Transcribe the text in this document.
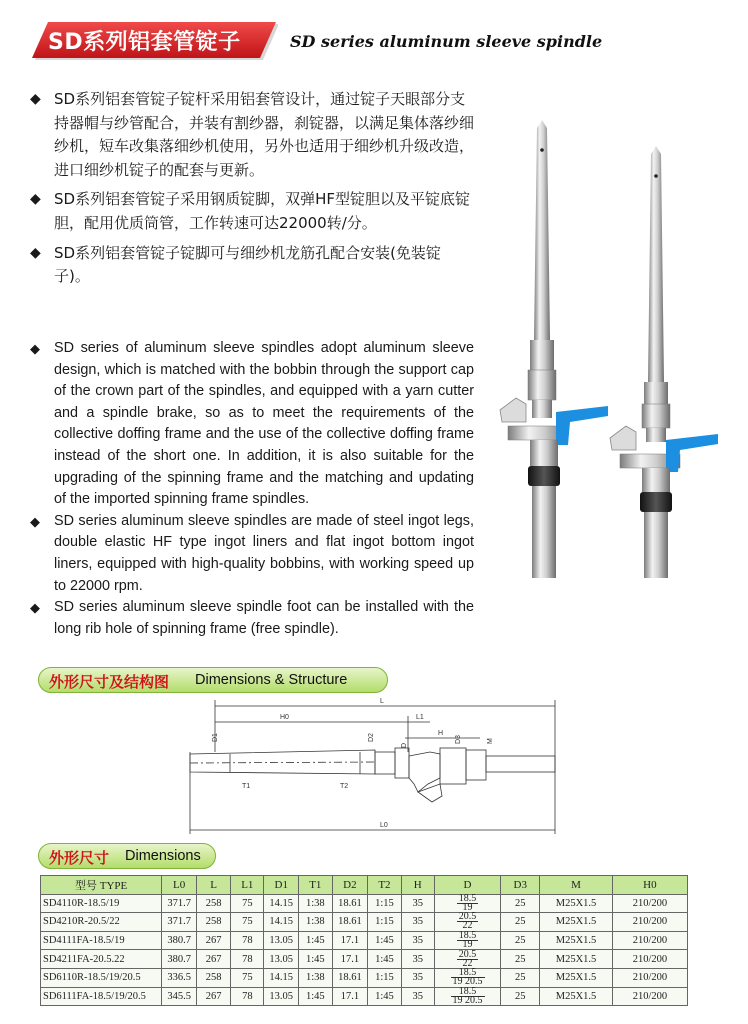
SD系列铝套管锭子	SD series aluminum sleeve spindle
◆ SD系列铝套管锭子锭杆采用铝套管设计，通过锭子天眼部分支持器帽与纱管配合，并装有割纱器，刹锭器，以满足集体落纱细纱机，短车改集落细纱机使用，另外也适用于细纱机升级改造，进口细纱机锭子的配套与更新。
◆ SD系列铝套管锭子采用钢质锭脚，双弹HF型锭胆以及平锭底锭胆，配用优质筒管，工作转速可达22000转/分。
◆ SD系列铝套管锭子锭脚可与细纱机龙筋孔配合安装(免装锭子)。
◆ SD series of aluminum sleeve spindles adopt aluminum sleeve design, which is matched with the bobbin through the support cap of the crown part of the spindles, and equipped with a yarn cutter and a spindle brake, so as to meet the requirements of the collective doffing frame and the use of the collective doffing frame instead of the short one. In addition, it is also suitable for the upgrading of the spinning frame and the matching and updating of the imported spinning frame spindles.
◆ SD series aluminum sleeve spindles are made of steel ingot legs, double elastic HF type ingot liners and flat ingot bottom ingot liners, equipped with high-quality bobbins, with working speed up to 22000 rpm.
◆ SD series aluminum sleeve spindle foot can be installed with the long rib hole of spinning frame (free spindle).
外形尺寸及结构图 Dimensions & Structure
L
H0	L1
H
L0
D1	D2
D
D3	M
T1	T2
外形尺寸 Dimensions
型号 TYPE	L0	L	L1	D1	T1	D2	T2	H	D	D3	M	H0
SD4110R-18.5/19	371.7	258	75	14.15	1:38	18.61	1:15	35	$\frac{18.5}{19}$	25	M25X1.5	210/200
SD4210R-20.5/22	371.7	258	75	14.15	1:38	18.61	1:15	35	$\frac{20.5}{22}$	25	M25X1.5	210/200
SD4111FA-18.5/19	380.7	267	78	13.05	1:45	17.1	1:45	35	$\frac{18.5}{19}$	25	M25X1.5	210/200
SD4211FA-20.5.22	380.7	267	78	13.05	1:45	17.1	1:45	35	$\frac{20.5}{22}$	25	M25X1.5	210/200
SD6110R-18.5/19/20.5	336.5	258	75	14.15	1:38	18.61	1:15	35	$\frac{18.5}{19 20.5}$	25	M25X1.5	210/200
SD6111FA-18.5/19/20.5	345.5	267	78	13.05	1:45	17.1	1:45	35	$\frac{18.5}{19 20.5}$	25	M25X1.5	210/200
